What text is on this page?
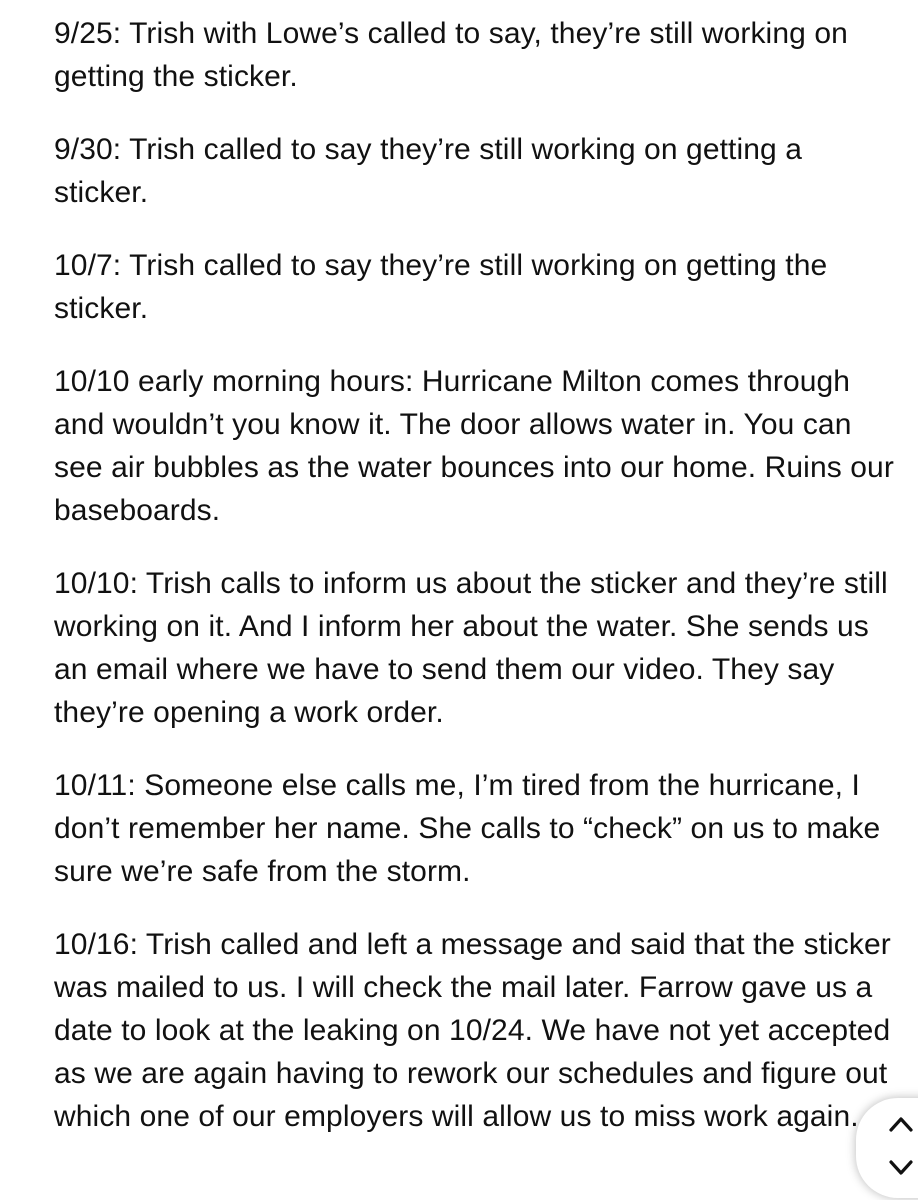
9/25: Trish with Lowe’s called to say, they’re still working on getting the sticker.

9/30: Trish called to say they’re still working on getting a sticker.

10/7: Trish called to say they’re still working on getting the sticker.

10/10 early morning hours: Hurricane Milton comes through and wouldn’t you know it. The door allows water in. You can see air bubbles as the water bounces into our home. Ruins our baseboards.

10/10: Trish calls to inform us about the sticker and they’re still working on it. And I inform her about the water. She sends us an email where we have to send them our video. They say they’re opening a work order.

10/11: Someone else calls me, I’m tired from the hurricane, I don’t remember her name. She calls to “check” on us to make sure we’re safe from the storm.

10/16: Trish called and left a message and said that the sticker was mailed to us. I will check the mail later. Farrow gave us a date to look at the leaking on 10/24. We have not yet accepted as we are again having to rework our schedules and figure out which one of our employers will allow us to miss work again.
